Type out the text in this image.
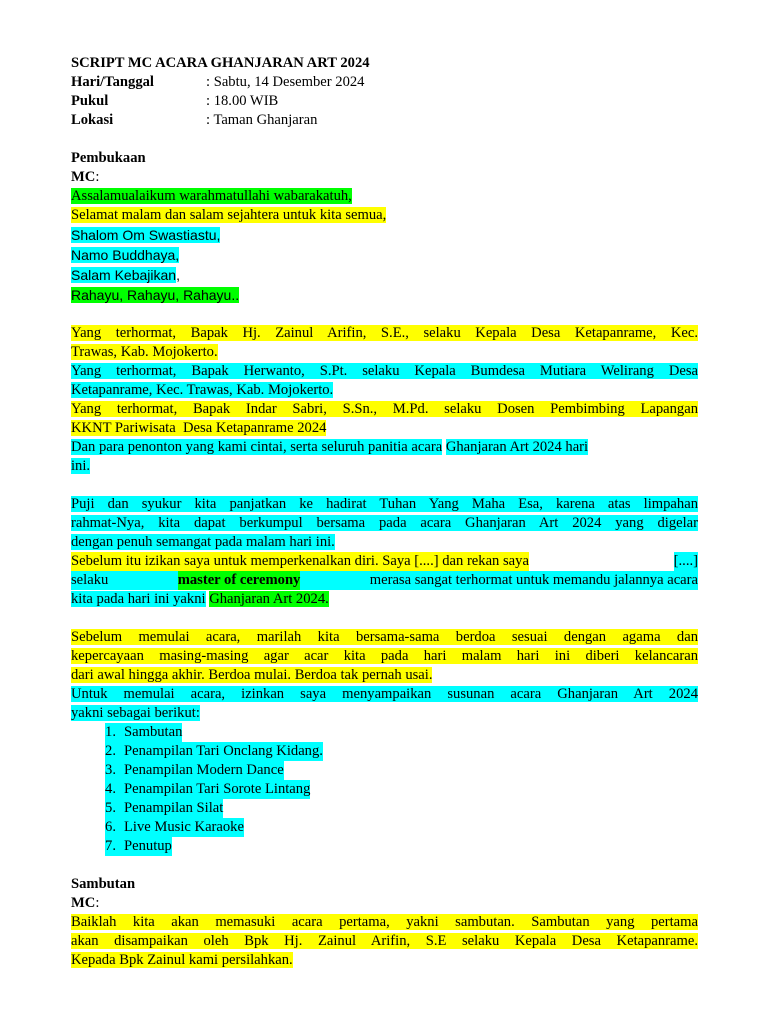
SCRIPT MC ACARA GHANJARAN ART 2024
Hari/Tanggal	: Sabtu, 14 Desember 2024
Pukul	: 18.00 WIB
Lokasi	: Taman Ghanjaran
Pembukaan
MC:
Assalamualaikum warahmatullahi wabarakatuh,
Selamat malam dan salam sejahtera untuk kita semua,
Shalom Om Swastiastu,
Namo Buddhaya,
Salam Kebajikan,
Rahayu, Rahayu, Rahayu..
Yang terhormat, Bapak Hj. Zainul Arifin, S.E., selaku Kepala Desa Ketapanrame, Kec.
Trawas, Kab. Mojokerto.
Yang terhormat, Bapak Herwanto, S.Pt. selaku Kepala Bumdesa Mutiara Welirang Desa
Ketapanrame, Kec. Trawas, Kab. Mojokerto.
Yang terhormat, Bapak Indar Sabri, S.Sn., M.Pd. selaku Dosen Pembimbing Lapangan
KKNT Pariwisata  Desa Ketapanrame 2024
Dan para penonton yang kami cintai, serta seluruh panitia acara Ghanjaran Art 2024 hari
ini.
Puji dan syukur kita panjatkan ke hadirat Tuhan Yang Maha Esa, karena atas limpahan
rahmat-Nya, kita dapat berkumpul bersama pada acara Ghanjaran Art 2024 yang digelar
dengan penuh semangat pada malam hari ini.
Sebelum itu izikan saya untuk memperkenalkan diri. Saya [....] dan rekan saya	[....]
selaku	master of ceremony	merasa sangat terhormat untuk memandu jalannya acara
kita pada hari ini yakni Ghanjaran Art 2024.
Sebelum memulai acara, marilah kita bersama-sama berdoa sesuai dengan agama dan
kepercayaan masing-masing agar acar kita pada hari malam hari ini diberi kelancaran
dari awal hingga akhir. Berdoa mulai. Berdoa tak pernah usai.
Untuk memulai acara, izinkan saya menyampaikan susunan acara Ghanjaran Art 2024
yakni sebagai berikut:
1. Sambutan
2. Penampilan Tari Onclang Kidang.
3. Penampilan Modern Dance
4. Penampilan Tari Sorote Lintang
5. Penampilan Silat
6. Live Music Karaoke
7. Penutup
Sambutan
MC:
Baiklah kita akan memasuki acara pertama, yakni sambutan. Sambutan yang pertama
akan disampaikan oleh Bpk Hj. Zainul Arifin, S.E selaku Kepala Desa Ketapanrame.
Kepada Bpk Zainul kami persilahkan.
